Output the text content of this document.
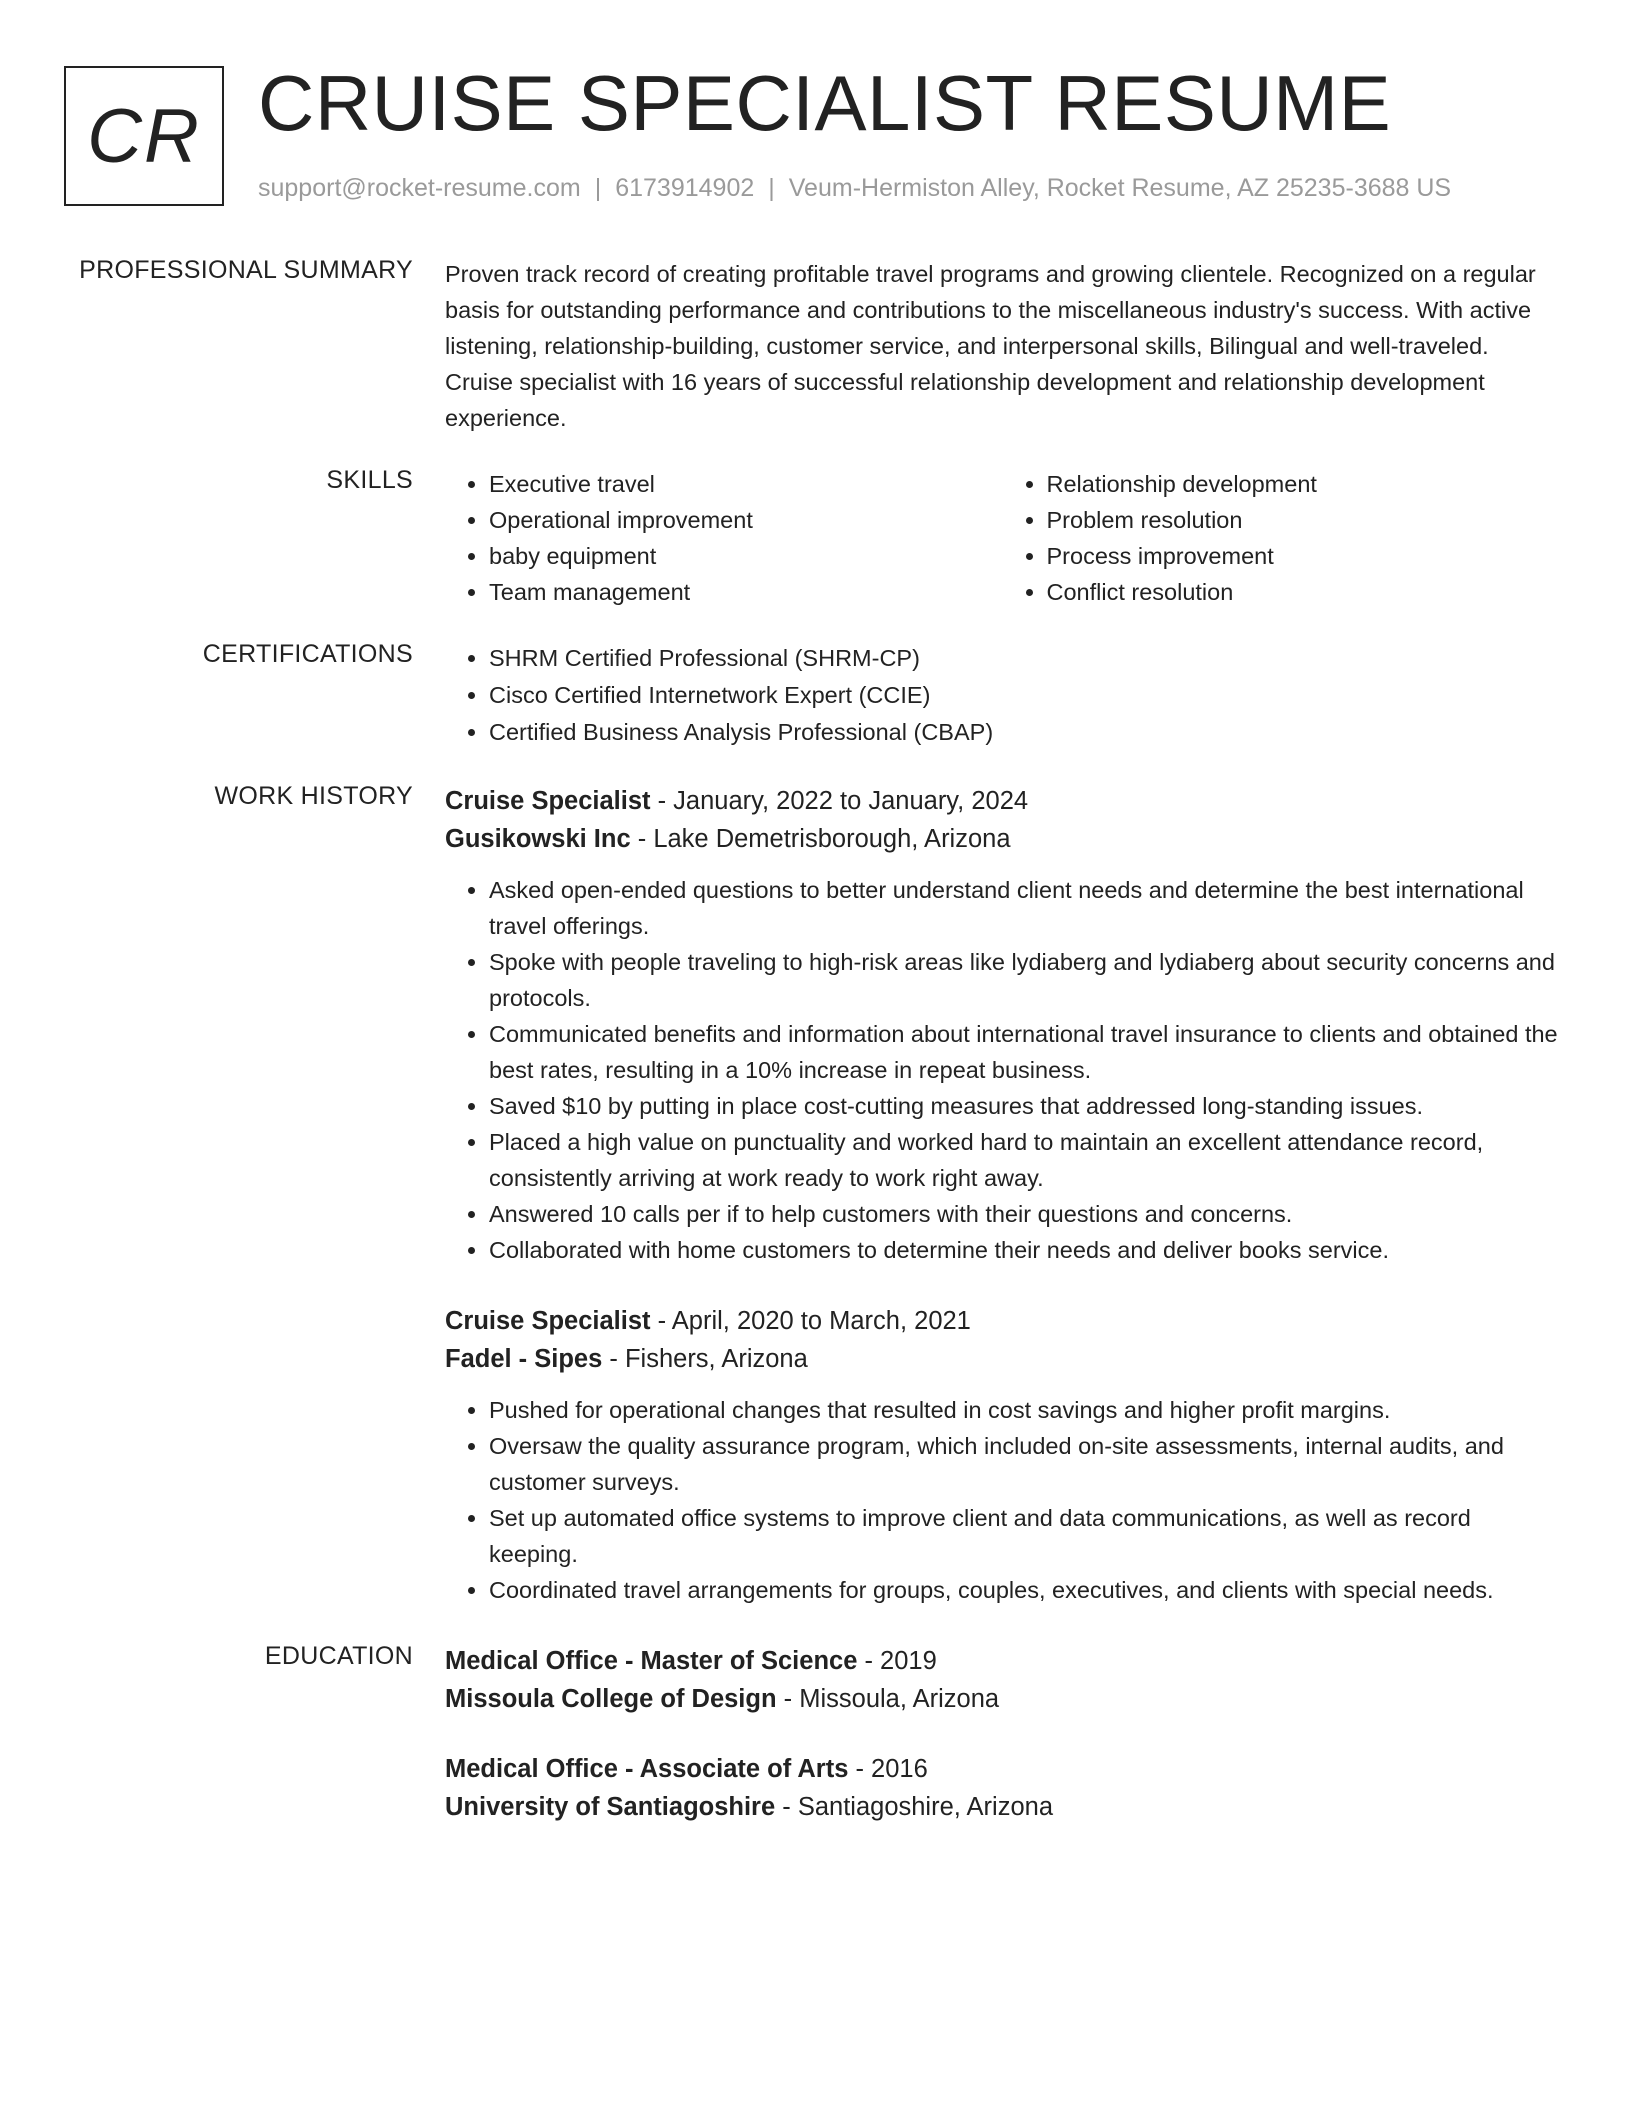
CR CRUISE SPECIALIST RESUME
support@rocket-resume.com | 6173914902 | Veum-Hermiston Alley, Rocket Resume, AZ 25235-3688 US
PROFESSIONAL SUMMARY Proven track record of creating profitable travel programs and growing clientele. Recognized on a regular basis for outstanding performance and contributions to the miscellaneous industry's success. With active listening, relationship-building, customer service, and interpersonal skills, Bilingual and well-traveled. Cruise specialist with 16 years of successful relationship development and relationship development experience.
SKILLS	• Executive travel
• Operational improvement
• baby equipment
• Team management
• Relationship development
• Problem resolution
• Process improvement
• Conflict resolution
CERTIFICATIONS	• SHRM Certified Professional (SHRM-CP)
• Cisco Certified Internetwork Expert (CCIE)
• Certified Business Analysis Professional (CBAP)
WORK HISTORY Cruise Specialist - January, 2022 to January, 2024
Gusikowski Inc - Lake Demetrisborough, Arizona
• Asked open-ended questions to better understand client needs and determine the best international travel offerings.
• Spoke with people traveling to high-risk areas like lydiaberg and lydiaberg about security concerns and protocols.
• Communicated benefits and information about international travel insurance to clients and obtained the best rates, resulting in a 10% increase in repeat business.
• Saved $10 by putting in place cost-cutting measures that addressed long-standing issues.
• Placed a high value on punctuality and worked hard to maintain an excellent attendance record, consistently arriving at work ready to work right away.
• Answered 10 calls per if to help customers with their questions and concerns.
• Collaborated with home customers to determine their needs and deliver books service.
Cruise Specialist - April, 2020 to March, 2021
Fadel - Sipes - Fishers, Arizona
• Pushed for operational changes that resulted in cost savings and higher profit margins.
• Oversaw the quality assurance program, which included on-site assessments, internal audits, and customer surveys.
• Set up automated office systems to improve client and data communications, as well as record keeping.
• Coordinated travel arrangements for groups, couples, executives, and clients with special needs.
EDUCATION Medical Office - Master of Science - 2019
Missoula College of Design - Missoula, Arizona
Medical Office - Associate of Arts - 2016
University of Santiagoshire - Santiagoshire, Arizona
